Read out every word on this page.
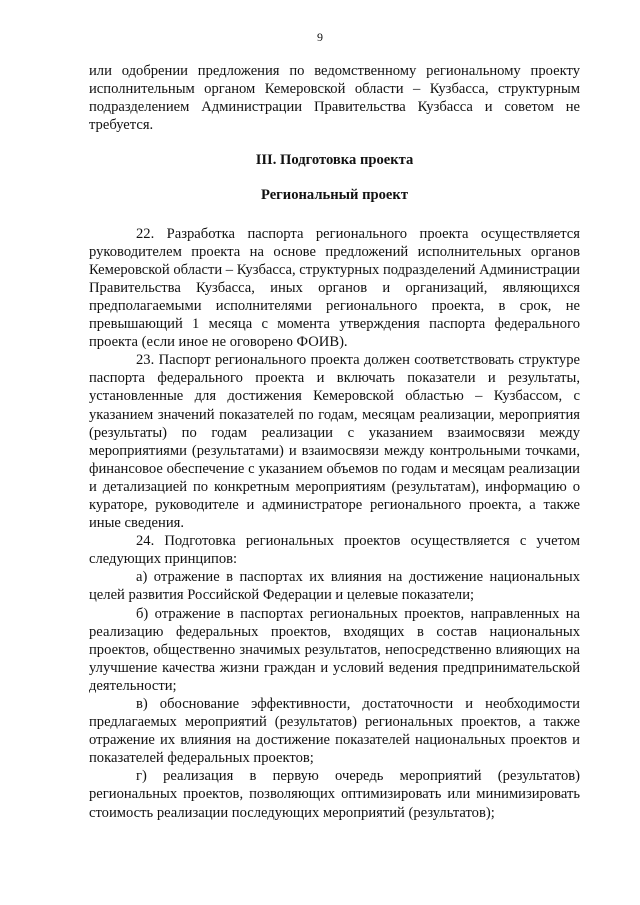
9

или одобрении предложения по ведомственному региональному проекту исполнительным органом Кемеровской области – Кузбасса, структурным подразделением Администрации Правительства Кузбасса и советом не требуется.

III. Подготовка проекта

Региональный проект

22. Разработка паспорта регионального проекта осуществляется руководителем проекта на основе предложений исполнительных органов Кемеровской области – Кузбасса, структурных подразделений Администрации Правительства Кузбасса, иных органов и организаций, являющихся предполагаемыми исполнителями регионального проекта, в срок, не превышающий 1 месяца с момента утверждения паспорта федерального проекта (если иное не оговорено ФОИВ).

23. Паспорт регионального проекта должен соответствовать структуре паспорта федерального проекта и включать показатели и результаты, установленные для достижения Кемеровской областью – Кузбассом, с указанием значений показателей по годам, месяцам реализации, мероприятия (результаты) по годам реализации с указанием взаимосвязи между мероприятиями (результатами) и взаимосвязи между контрольными точками, финансовое обеспечение с указанием объемов по годам и месяцам реализации и детализацией по конкретным мероприятиям (результатам), информацию о кураторе, руководителе и администраторе регионального проекта, а также иные сведения.

24. Подготовка региональных проектов осуществляется с учетом следующих принципов:

а) отражение в паспортах их влияния на достижение национальных целей развития Российской Федерации и целевые показатели;

б) отражение в паспортах региональных проектов, направленных на реализацию федеральных проектов, входящих в состав национальных проектов, общественно значимых результатов, непосредственно влияющих на улучшение качества жизни граждан и условий ведения предпринимательской деятельности;

в) обоснование эффективности, достаточности и необходимости предлагаемых мероприятий (результатов) региональных проектов, а также отражение их влияния на достижение показателей национальных проектов и показателей федеральных проектов;

г) реализация в первую очередь мероприятий (результатов) региональных проектов, позволяющих оптимизировать или минимизировать стоимость реализации последующих мероприятий (результатов);
